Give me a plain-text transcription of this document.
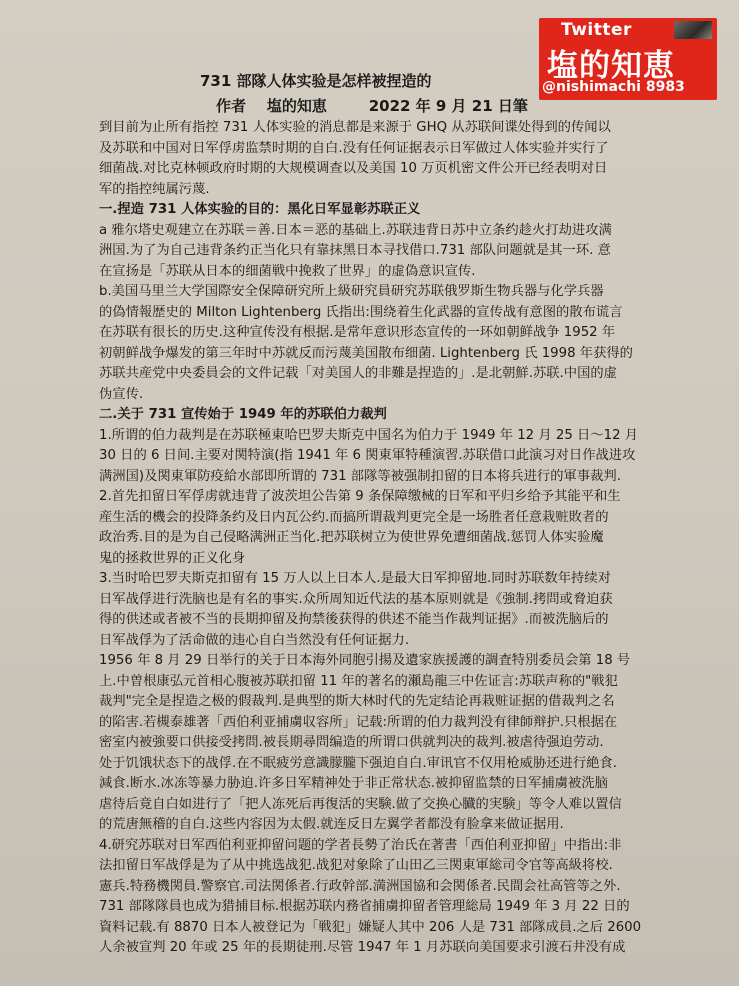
Twitter
塩的知恵
@nishimachi 8983
731 部隊人体实验是怎样被捏造的
作者 塩的知恵	2022 年 9 月 21 日筆

到目前为止所有指控 731 人体实验的消息都是来源于 GHQ 从苏联间谍处得到的传闻以
及苏联和中国对日军俘虏监禁时期的自白.没有任何证据表示日军做过人体实验并实行了
细菌战.对比克林顿政府时期的大规模调查以及美国 10 万页机密文件公开已经表明对日
军的指控纯属污蔑.

一.捏造 731 人体实验的目的：黑化日军显彰苏联正义

a 雅尔塔史观建立在苏联＝善.日本＝恶的基础上.苏联违背日苏中立条约趁火打劫进攻满
洲国.为了为自己违背条约正当化只有靠抹黑日本寻找借口.731 部队问题就是其一环. 意
在宣扬是「苏联从日本的细菌戦中挽救了世界」的虚偽意识宣传.

b.美国马里兰大学国際安全保障研究所上級研究員研究苏联俄罗斯生物兵器与化学兵器
的偽情報歴史的 Milton Lightenberg 氏指出:围绕着生化武器的宣传战有意图的散布谎言
在苏联有很长的历史.这种宣传没有根据.是常年意识形态宣传的一环如朝鲜战争 1952 年
初朝鲜战争爆发的第三年时中苏就反而污蔑美国散布细菌. Lightenberg 氏 1998 年获得的
苏联共産党中央委員会的文件记载「对美国人的非難是捏造的」.是北朝鮮.苏联.中国的虚
伪宣传.

二.关于 731 宣传始于 1949 年的苏联伯力裁判

1.所谓的伯力裁判是在苏联極東哈巴罗夫斯克中国名为伯力于 1949 年 12 月 25 日～12 月
30 日的 6 日间.主要对関特演(指 1941 年 6 関東軍特種演習.苏联借口此演习对日作战进攻
满洲国)及関東軍防疫給水部即所谓的 731 部隊等被强制扣留的日本将兵进行的軍事裁判.

2.首先扣留日军俘虏就违背了波茨坦公告第 9 条保障缴械的日军和平归乡给予其能平和生
産生活的機会的投降条约及日内瓦公约.而搞所谓裁判更完全是一场胜者任意栽赃敗者的
政治秀.目的是为自己侵略满洲正当化.把苏联树立为使世界免遭细菌战.惩罚人体实验魔
鬼的拯救世界的正义化身

3.当时哈巴罗夫斯克扣留有 15 万人以上日本人.是最大日军抑留地.同时苏联数年持续对
日军战俘进行洗脑也是有名的事实.众所周知近代法的基本原则就是《強制.拷問或脅迫获
得的供述或者被不当的長期抑留及拘禁後获得的供述不能当作裁判证据》.而被洗脑后的
日军战俘为了活命做的违心自白当然没有任何证据力.

1956 年 8 月 29 日举行的关于日本海外同胞引揚及遺家族援護的調査特別委员会第 18 号
上.中曽根康弘元首相心腹被苏联扣留 11 年的著名的瀬島龍三中佐证言:苏联声称的"戦犯
裁判"完全是捏造之极的假裁判.是典型的斯大林时代的先定结论再栽赃证据的借裁判之名
的陷害.若槻泰雄著「西伯利亚捕虜収容所」记载:所谓的伯力裁判没有律師辩护.只根据在
密室内被強要口供接受拷問.被長期尋問编造的所谓口供就判决的裁判.被虐待强迫劳动.
处于饥饿状态下的战俘.在不眠疲労意識朦朧下强迫自白.审讯官不仅用枪威胁还进行絶食.
減食.断水.冰冻等暴力胁迫.许多日军精神处于非正常状态.被抑留监禁的日军捕虜被洗脑
虐待后竟自白如进行了「把人冻死后再復活的実験.做了交换心臓的実験」等令人难以置信
的荒唐無稽的自白.这些内容因为太假.就连反日左翼学者都没有脸拿来做证据用.

4.研究苏联对日军西伯利亚抑留问题的学者長勢了治氏在著書「西伯利亚抑留」中指出:非
法扣留日军战俘是为了从中挑选战犯.战犯对象除了山田乙三関東軍総司令官等高級将校.
憲兵.特務機関員.警察官.司法関係者.行政幹部.満洲国協和会関係者.民間会社高管等之外.
731 部隊隊員也成为猎捕目标.根据苏联内務省捕虜抑留者管理総局 1949 年 3 月 22 日的
資料记载.有 8870 日本人被登记为「戦犯」嫌疑人其中 206 人是 731 部隊成員.之后 2600
人余被宣判 20 年或 25 年的長期徒刑.尽管 1947 年 1 月苏联向美国要求引渡石井没有成
